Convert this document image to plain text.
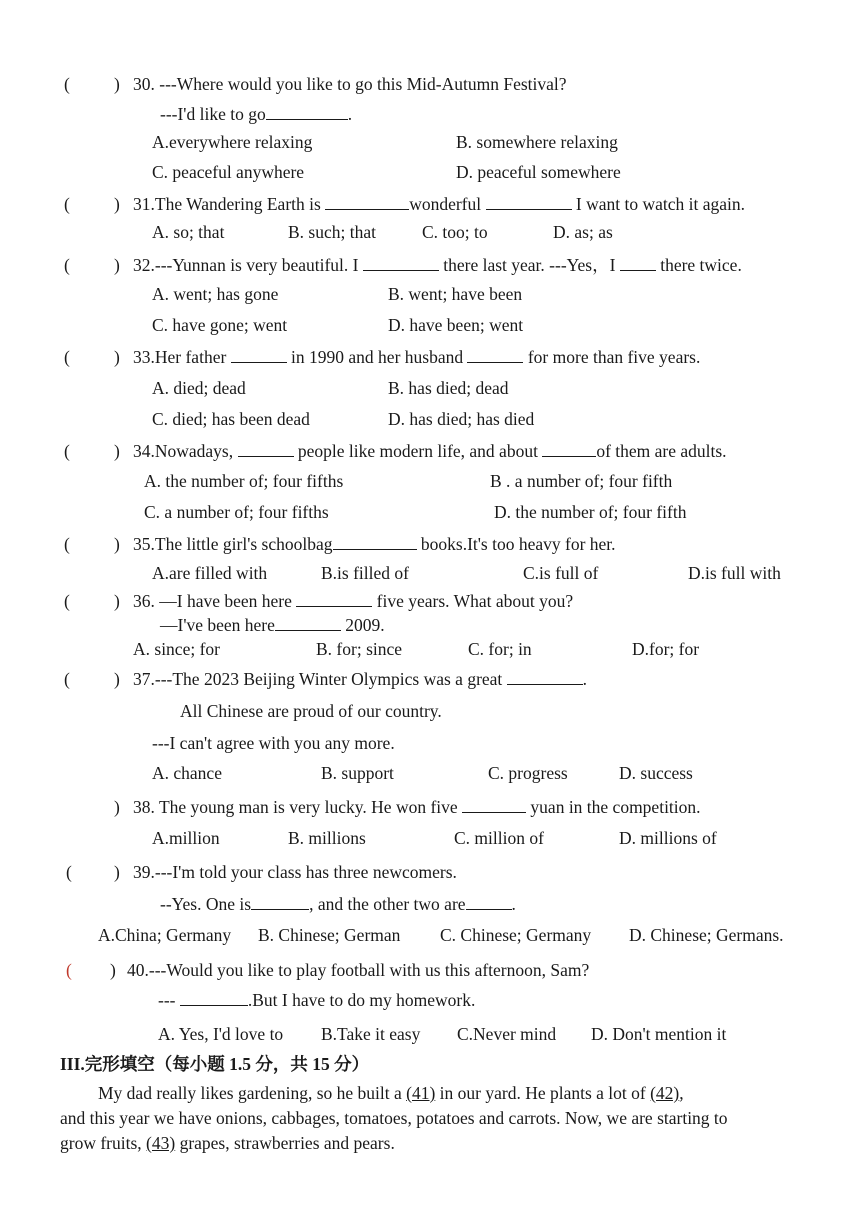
(	) 30. ---Where would you like to go this Mid-Autumn Festival?
---I'd like to go	.
A.everywhere relaxing	B. somewhere relaxing
C. peaceful anywhere	D. peaceful somewhere
(	) 31.The Wandering Earth is	wonderful	I want to watch it again.
A. so; that	B. such; that	C. too; to	D. as; as
(	) 32.---Yunnan is very beautiful. I	there last year. ---Yes，I	there twice.
A. went; has gone	B. went; have been
C. have gone; went	D. have been; went
(	) 33.Her father	in 1990 and her husband	for more than five years.
A. died; dead	B. has died; dead
C. died; has been dead	D. has died; has died
(	) 34.Nowadays,	people like modern life, and about	of them are adults.
A. the number of; four fifths	B . a number of; four fifth
C. a number of; four fifths	D. the number of; four fifth
(	) 35.The little girl's schoolbag	books.It's too heavy for her.
A.are filled with	B.is filled of	C.is full of	D.is full with
(	) 36. —I have been here	five years. What about you?
—I've been here	2009.
A. since; for	B. for; since	C. for; in	D.for; for
(	) 37.---The 2023 Beijing Winter Olympics was a great	.
All Chinese are proud of our country.
---I can't agree with you any more.
A. chance	B. support	C. progress	D. success
) 38. The young man is very lucky. He won five	yuan in the competition.
A.million	B. millions	C. million of	D. millions of
( ) 39.---I'm told your class has three newcomers.
--Yes. One is	, and the other two are	.
A.China; Germany B. Chinese; German C. Chinese; Germany D. Chinese; Germans.
( ) 40.---Would you like to play football with us this afternoon, Sam?
---	.But I have to do my homework.
A. Yes, I'd love to B.Take it easy C.Never mind D. Don't mention it
III.完形填空（每小题 1.5 分，共 15 分）
My dad really likes gardening, so he built a (41) in our yard. He plants a lot of (42),
and this year we have onions, cabbages, tomatoes, potatoes and carrots. Now, we are starting to
grow fruits, (43) grapes, strawberries and pears.
